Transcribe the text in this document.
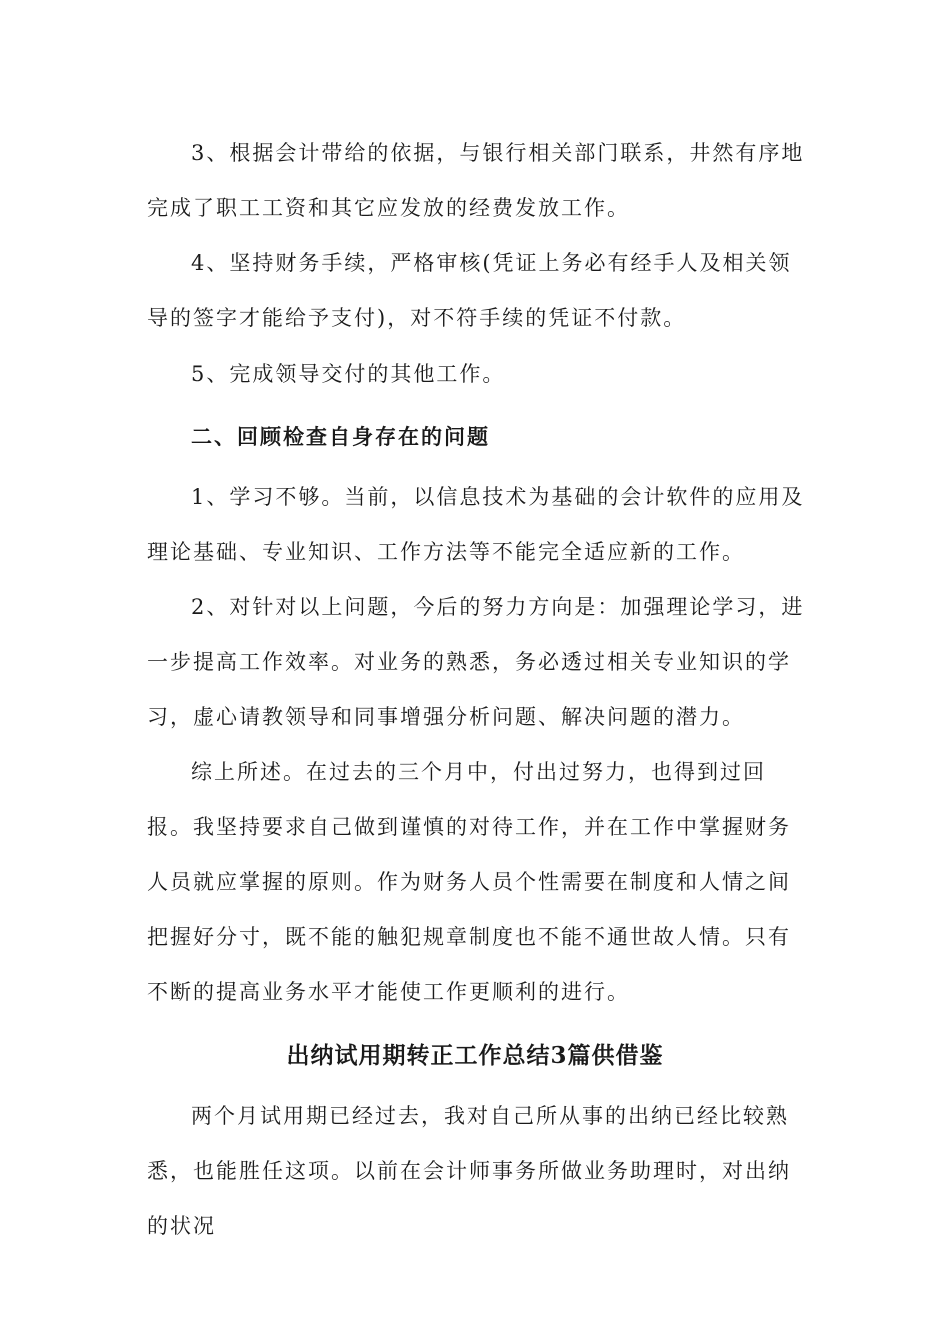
3、根据会计带给的依据，与银行相关部门联系，井然有序地完成了职工工资和其它应发放的经费发放工作。

4、坚持财务手续，严格审核(凭证上务必有经手人及相关领导的签字才能给予支付)，对不符手续的凭证不付款。

5、完成领导交付的其他工作。

二、回顾检查自身存在的问题

1、学习不够。当前，以信息技术为基础的会计软件的应用及理论基础、专业知识、工作方法等不能完全适应新的工作。

2、对针对以上问题，今后的努力方向是：加强理论学习，进一步提高工作效率。对业务的熟悉，务必透过相关专业知识的学习，虚心请教领导和同事增强分析问题、解决问题的潜力。

综上所述。在过去的三个月中，付出过努力，也得到过回报。我坚持要求自己做到谨慎的对待工作，并在工作中掌握财务人员就应掌握的原则。作为财务人员个性需要在制度和人情之间把握好分寸，既不能的触犯规章制度也不能不通世故人情。只有不断的提高业务水平才能使工作更顺利的进行。

出纳试用期转正工作总结3篇供借鉴

两个月试用期已经过去，我对自己所从事的出纳已经比较熟悉，也能胜任这项。以前在会计师事务所做业务助理时，对出纳的状况
